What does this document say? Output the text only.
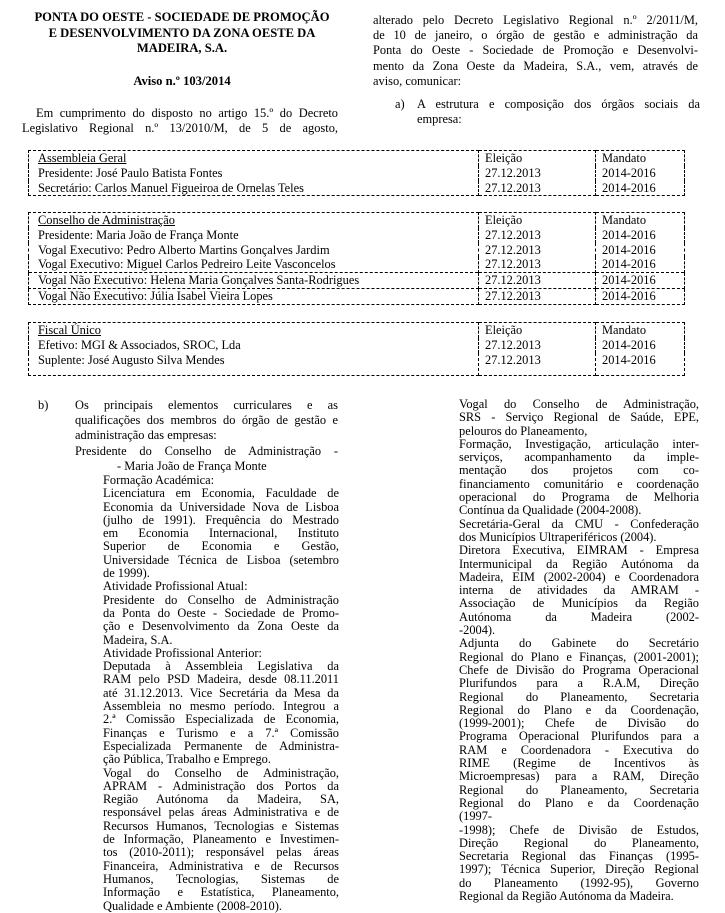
PONTA DO OESTE - SOCIEDADE DE PROMOÇÃO
E DESENVOLVIMENTO DA ZONA OESTE DA
MADEIRA, S.A.
Aviso n.º 103/2014
Em cumprimento do disposto no artigo 15.º do Decreto
Legislativo Regional n.º 13/2010/M, de 5 de agosto,
alterado pelo Decreto Legislativo Regional n.º 2/2011/M,
de 10 de janeiro, o órgão de gestão e administração da
Ponta do Oeste - Sociedade de Promoção e Desenvolvi-
mento da Zona Oeste da Madeira, S.A., vem, através de
aviso, comunicar:
a) A estrutura e composição dos órgãos sociais da
empresa:
Assembleia Geral	Eleição	Mandato
Presidente: José Paulo Batista Fontes	27.12.2013	2014-2016
Secretário: Carlos Manuel Figueiroa de Ornelas Teles	27.12.2013	2014-2016
Conselho de Administração	Eleição	Mandato
Presidente: Maria João de França Monte	27.12.2013	2014-2016
Vogal Executivo: Pedro Alberto Martins Gonçalves Jardim	27.12.2013	2014-2016
Vogal Executivo: Miguel Carlos Pedreiro Leite Vasconcelos	27.12.2013	2014-2016
Vogal Não Executivo: Helena Maria Gonçalves Santa-Rodrigues	27.12.2013	2014-2016
Vogal Não Executivo: Júlia Isabel Vieira Lopes	27.12.2013	2014-2016
Fiscal Único	Eleição	Mandato
Efetivo: MGI & Associados, SROC, Lda	27.12.2013	2014-2016
Suplente: José Augusto Silva Mendes	27.12.2013	2014-2016
b) Os principais elementos curriculares e as
qualificações dos membros do órgão de gestão e
administração das empresas:
Presidente do Conselho de Administração -
- Maria João de França Monte
Formação Académica:
Licenciatura em Economia, Faculdade de
Economia da Universidade Nova de Lisboa
(julho de 1991). Frequência do Mestrado
em Economia Internacional, Instituto
Superior de Economia e Gestão,
Universidade Técnica de Lisboa (setembro
de 1999).
Atividade Profissional Atual:
Presidente do Conselho de Administração
da Ponta do Oeste - Sociedade de Promo-
ção e Desenvolvimento da Zona Oeste da
Madeira, S.A.
Atividade Profissional Anterior:
Deputada à Assembleia Legislativa da
RAM pelo PSD Madeira, desde 08.11.2011
até 31.12.2013. Vice Secretária da Mesa da
Assembleia no mesmo período. Integrou a
2.ª Comissão Especializada de Economia,
Finanças e Turismo e a 7.ª Comissão
Especializada Permanente de Administra-
ção Pública, Trabalho e Emprego.
Vogal do Conselho de Administração,
APRAM - Administração dos Portos da
Região Autónoma da Madeira, SA,
responsável pelas áreas Administrativa e de
Recursos Humanos, Tecnologias e Sistemas
de Informação, Planeamento e Investimen-
tos (2010-2011); responsável pelas áreas
Financeira, Administrativa e de Recursos
Humanos, Tecnologias, Sistemas de
Informação e Estatística, Planeamento,
Qualidade e Ambiente (2008-2010).
Vogal do Conselho de Administração,
SRS - Serviço Regional de Saúde, EPE,
pelouros do Planeamento,
Formação, Investigação, articulação inter-
serviços, acompanhamento da imple-
mentação dos projetos com co-
financiamento comunitário e coordenação
operacional do Programa de Melhoria
Contínua da Qualidade (2004-2008).
Secretária-Geral da CMU - Confederação
dos Municípios Ultraperiféricos (2004).
Diretora Executiva, EIMRAM - Empresa
Intermunicipal da Região Autónoma da
Madeira, EIM (2002-2004) e Coordenadora
interna de atividades da AMRAM -
Associação de Municípios da Região
Autónoma da Madeira (2002-
-2004).
Adjunta do Gabinete do Secretário
Regional do Plano e Finanças, (2001-2001);
Chefe de Divisão do Programa Operacional
Plurifundos para a R.A.M, Direção
Regional do Planeamento, Secretaria
Regional do Plano e da Coordenação,
(1999-2001); Chefe de Divisão do
Programa Operacional Plurifundos para a
RAM e Coordenadora - Executiva do
RIME (Regime de Incentivos às
Microempresas) para a RAM, Direção
Regional do Planeamento, Secretaria
Regional do Plano e da Coordenação
(1997-
-1998); Chefe de Divisão de Estudos,
Direção Regional do Planeamento,
Secretaria Regional das Finanças (1995-
1997); Técnica Superior, Direção Regional
do Planeamento (1992-95), Governo
Regional da Região Autónoma da Madeira.
